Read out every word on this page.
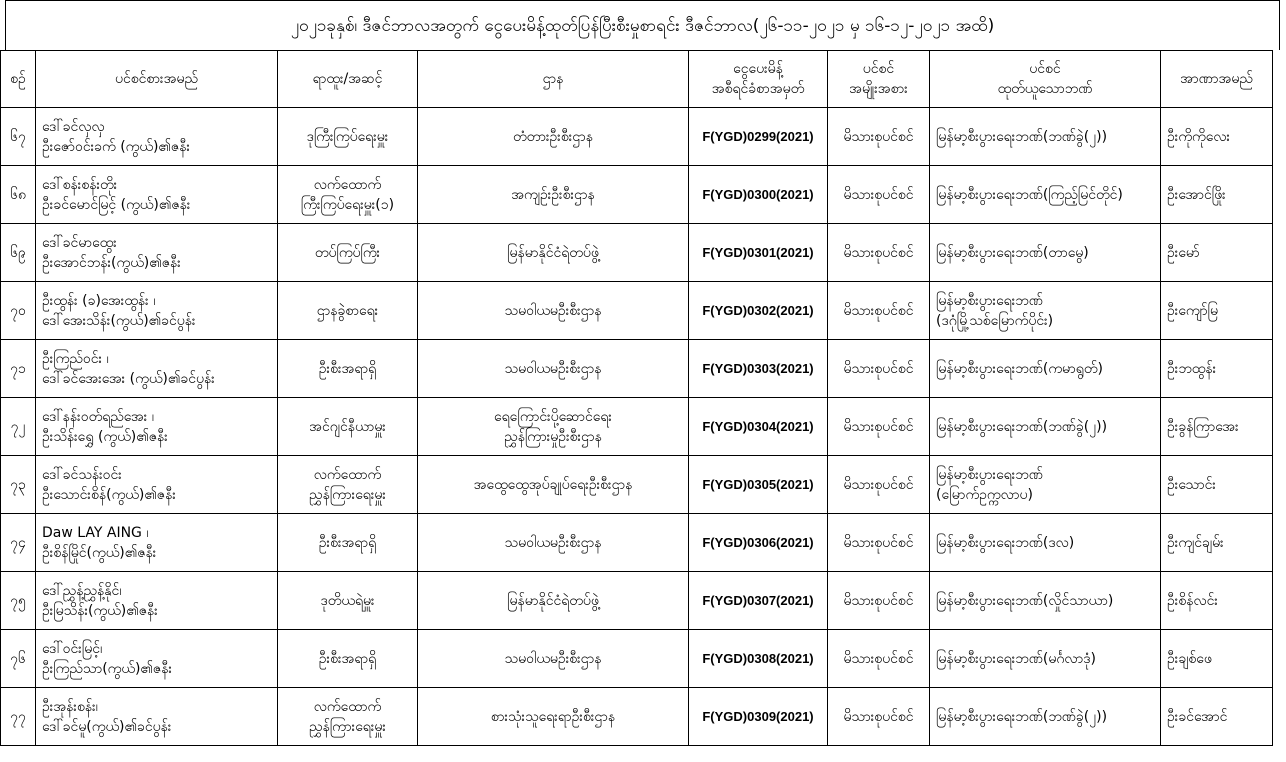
၂၀၂၁ခုနှစ်၊ ဒီဇင်ဘာလအတွက် ငွေပေးမိန့်ထုတ်ပြန်ပြီးစီးမှုစာရင်း ဒီဇင်ဘာလ(၂၆-၁၁-၂၀၂၁ မှ ၁၆-၁၂-၂၀၂၁ အထိ)
စဉ်	ပင်စင်စားအမည်	ရာထူး/အဆင့်	ဌာန	ငွေပေးမိန့်
အစီရင်ခံစာအမှတ်	ပင်စင်
အမျိုးအစား	ပင်စင်
ထုတ်ယူသောဘဏ်	အာဏာအမည်

၆၇	ဒေါ်ခင်လှလှ
ဦးဇော်ဝင်းခက် (ကွယ်)၏ဇနီး	ဒုကြီးကြပ်ရေးမှူး	တံတားဦးစီးဌာန	F(YGD)0299(2021)	မိသားစုပင်စင်	မြန်မာ့စီးပွားရေးဘဏ်(ဘဏ်ခွဲ(၂))	ဦးကိုကိုလေး

၆၈	ဒေါ်စန်းစန်းတိုး
ဦးခင်မောင်မြင့် (ကွယ်)၏ဇနီး	လက်ထောက်
ကြီးကြပ်ရေးမှူး(၁)	အကျဉ်းဦးစီးဌာန	F(YGD)0300(2021)	မိသားစုပင်စင်	မြန်မာ့စီးပွားရေးဘဏ်(ကြည့်မြင်တိုင်)	ဦးအောင်ဖြိုး

၆၉	ဒေါ်ခင်မာထွေး
ဦးအောင်ဘန်း(ကွယ်)၏ဇနီး	တပ်ကြပ်ကြီး	မြန်မာနိုင်ငံရဲတပ်ဖွဲ့	F(YGD)0301(2021)	မိသားစုပင်စင်	မြန်မာ့စီးပွားရေးဘဏ်(တာမွေ)	ဦးမော်

၇၀	ဦးထွန်း (ခ)အေးထွန်း ၊
ဒေါ်အေးသိန်း(ကွယ်)၏ခင်ပွန်း	ဌာနခွဲစာရေး	သမဝါယမဦးစီးဌာန	F(YGD)0302(2021)	မိသားစုပင်စင်	မြန်မာ့စီးပွားရေးဘဏ်
(ဒဂုံမြို့သစ်မြောက်ပိုင်း)	ဦးကျော်မြ

၇၁	ဦးကြည်ဝင်း ၊
ဒေါ်ခင်အေးအေး (ကွယ်)၏ခင်ပွန်း	ဦးစီးအရာရှိ	သမဝါယမဦးစီးဌာန	F(YGD)0303(2021)	မိသားစုပင်စင်	မြန်မာ့စီးပွားရေးဘဏ်(ကမာရွတ်)	ဦးဘထွန်း

၇၂	ဒေါ်နန်းဝတ်ရည်အေး ၊
ဦးသိန်းရွှေ (ကွယ်)၏ဇနီး	အင်ဂျင်နီယာမှူး	ရေကြောင်းပို့ဆောင်ရေး
ညွှန်ကြားမှုဦးစီးဌာန	F(YGD)0304(2021)	မိသားစုပင်စင်	မြန်မာ့စီးပွားရေးဘဏ်(ဘဏ်ခွဲ(၂))	ဦးခွန်ကြာအေး

၇၃	ဒေါ်ခင်သန်းဝင်း
ဦးသောင်းစိန်(ကွယ်)၏ဇနီး	လက်ထောက်
ညွှန်ကြားရေးမှူး	အထွေထွေအုပ်ချုပ်ရေးဦးစီးဌာန	F(YGD)0305(2021)	မိသားစုပင်စင်	မြန်မာ့စီးပွားရေးဘဏ်
(မြောက်ဥက္ကလာပ)	ဦးသောင်း

၇၄	Daw LAY AING ၊
ဦးစိန်မြိုင်(ကွယ်)၏ဇနီး	ဦးစီးအရာရှိ	သမဝါယမဦးစီးဌာန	F(YGD)0306(2021)	မိသားစုပင်စင်	မြန်မာ့စီးပွားရေးဘဏ်(ဒလ)	ဦးကျင်ချမ်း

၇၅	ဒေါ်ညွှန့်ညွှန့်နိုင်၊
ဦးမြသိန်း(ကွယ်)၏ဇနီး	ဒုတိယရဲမှူး	မြန်မာနိုင်ငံရဲတပ်ဖွဲ့	F(YGD)0307(2021)	မိသားစုပင်စင်	မြန်မာ့စီးပွားရေးဘဏ်(လှိုင်သာယာ)	ဦးစိန်လင်း

၇၆	ဒေါ်ဝင်းမြင့်၊
ဦးကြည်သာ(ကွယ်)၏ဇနီး	ဦးစီးအရာရှိ	သမဝါယမဦးစီးဌာန	F(YGD)0308(2021)	မိသားစုပင်စင်	မြန်မာ့စီးပွားရေးဘဏ်(မင်္ဂလာဒုံ)	ဦးချစ်ဖေ

၇၇	ဦးအုန်းစန်း၊
ဒေါ်ခင်မူ(ကွယ်)၏ခင်ပွန်း	လက်ထောက်
ညွှန်ကြားရေးမှူး	စားသုံးသူရေးရာဦးစီးဌာန	F(YGD)0309(2021)	မိသားစုပင်စင်	မြန်မာ့စီးပွားရေးဘဏ်(ဘဏ်ခွဲ(၂))	ဦးခင်အောင်
